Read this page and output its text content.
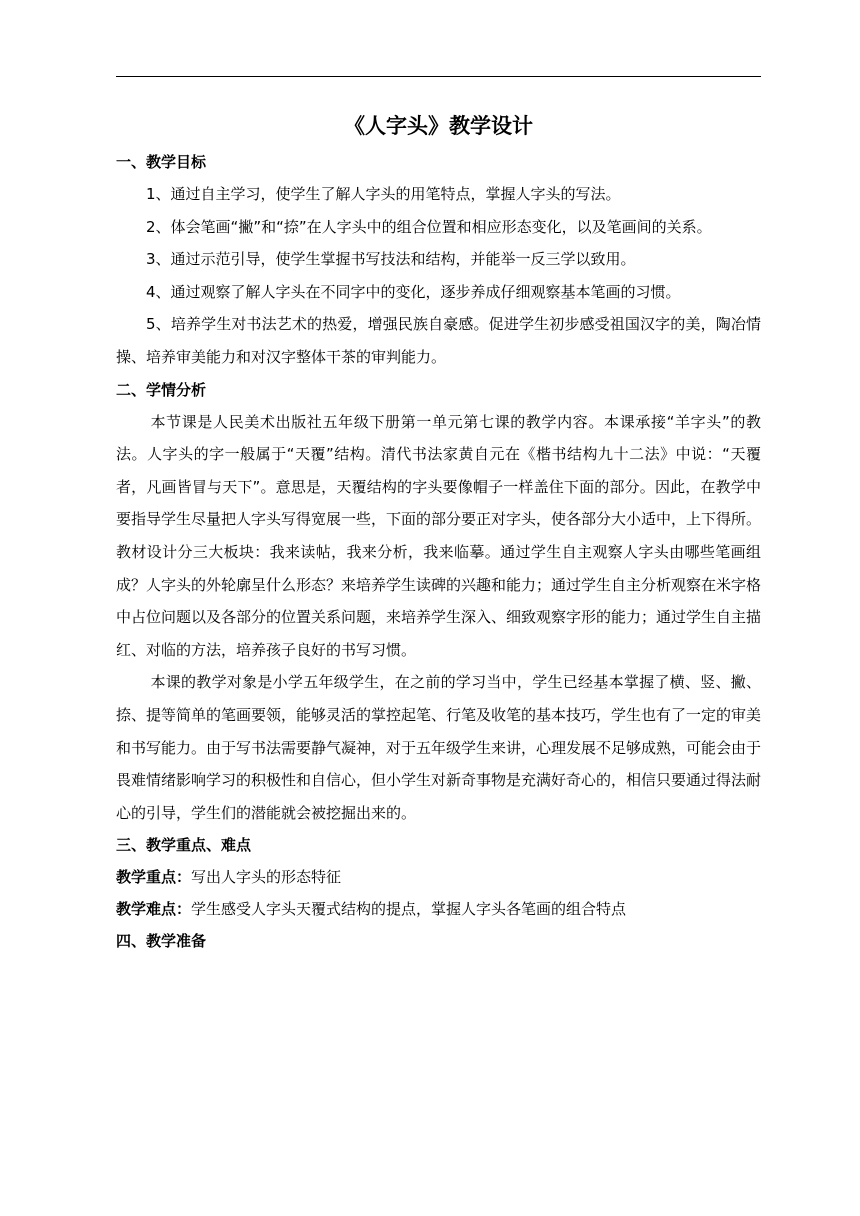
《人字头》教学设计

一、教学目标

1、通过自主学习，使学生了解人字头的用笔特点，掌握人字头的写法。

2、体会笔画“撇”和“捺”在人字头中的组合位置和相应形态变化，以及笔画间的关系。

3、通过示范引导，使学生掌握书写技法和结构，并能举一反三学以致用。

4、通过观察了解人字头在不同字中的变化，逐步养成仔细观察基本笔画的习惯。

5、培养学生对书法艺术的热爱，增强民族自豪感。促进学生初步感受祖国汉字的美，陶冶情操、培养审美能力和对汉字整体干茶的审判能力。

二、学情分析

本节课是人民美术出版社五年级下册第一单元第七课的教学内容。本课承接“羊字头”的教法。人字头的字一般属于“天覆”结构。清代书法家黄自元在《楷书结构九十二法》中说：“天覆者，凡画皆冒与天下”。意思是，天覆结构的字头要像帽子一样盖住下面的部分。因此，在教学中要指导学生尽量把人字头写得宽展一些，下面的部分要正对字头，使各部分大小适中，上下得所。教材设计分三大板块：我来读帖，我来分析，我来临摹。通过学生自主观察人字头由哪些笔画组成？人字头的外轮廓呈什么形态？来培养学生读碑的兴趣和能力；通过学生自主分析观察在米字格中占位问题以及各部分的位置关系问题，来培养学生深入、细致观察字形的能力；通过学生自主描红、对临的方法，培养孩子良好的书写习惯。

本课的教学对象是小学五年级学生，在之前的学习当中，学生已经基本掌握了横、竖、撇、捺、提等简单的笔画要领，能够灵活的掌控起笔、行笔及收笔的基本技巧，学生也有了一定的审美和书写能力。由于写书法需要静气凝神，对于五年级学生来讲，心理发展不足够成熟，可能会由于畏难情绪影响学习的积极性和自信心，但小学生对新奇事物是充满好奇心的，相信只要通过得法耐心的引导，学生们的潜能就会被挖掘出来的。

三、教学重点、难点

教学重点：写出人字头的形态特征

教学难点：学生感受人字头天覆式结构的提点，掌握人字头各笔画的组合特点

四、教学准备
